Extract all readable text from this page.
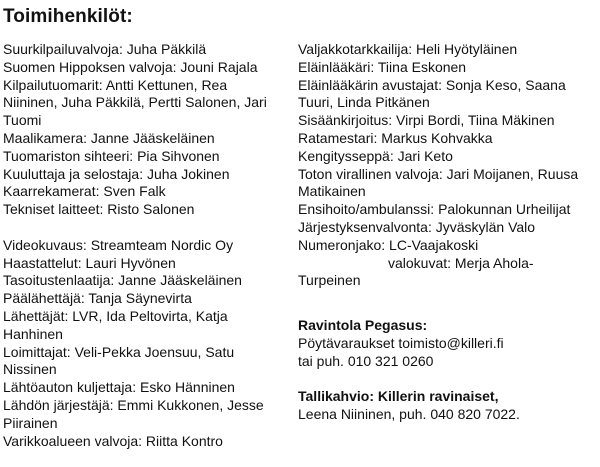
Toimihenkilöt:
Suurkilpailuvalvoja: Juha Päkkilä
Suomen Hippoksen valvoja: Jouni Rajala
Kilpailutuomarit: Antti Kettunen, Rea
Niininen, Juha Päkkilä, Pertti Salonen, Jari
Tuomi
Maalikamera: Janne Jääskeläinen
Tuomariston sihteeri: Pia Sihvonen
Kuuluttaja ja selostaja: Juha Jokinen
Kaarrekamerat: Sven Falk
Tekniset laitteet: Risto Salonen
Videokuvaus: Streamteam Nordic Oy
Haastattelut: Lauri Hyvönen
Tasoitustenlaatija: Janne Jääskeläinen
Päälähettäjä: Tanja Säynevirta
Lähettäjät: LVR, Ida Peltovirta, Katja
Hanhinen
Loimittajat: Veli-Pekka Joensuu, Satu
Nissinen
Lähtöauton kuljettaja: Esko Hänninen
Lähdön järjestäjä: Emmi Kukkonen, Jesse
Piirainen
Varikkoalueen valvoja: Riitta Kontro
Valjakkotarkkailija: Heli Hyötyläinen
Eläinlääkäri: Tiina Eskonen
Eläinlääkärin avustajat: Sonja Keso, Saana
Tuuri, Linda Pitkänen
Sisäänkirjoitus: Virpi Bordi, Tiina Mäkinen
Ratamestari: Markus Kohvakka
Kengitysseppä: Jari Keto
Toton virallinen valvoja: Jari Moijanen, Ruusa
Matikainen
Ensihoito/ambulanssi: Palokunnan Urheilijat
Järjestyksenvalvonta: Jyväskylän Valo
Numeronjako: LC-Vaajakoski
valokuvat: Merja Ahola-
Turpeinen
Ravintola Pegasus:
Pöytävaraukset toimisto@killeri.fi
tai puh. 010 321 0260
Tallikahvio: Killerin ravinaiset,
Leena Niininen, puh. 040 820 7022.
